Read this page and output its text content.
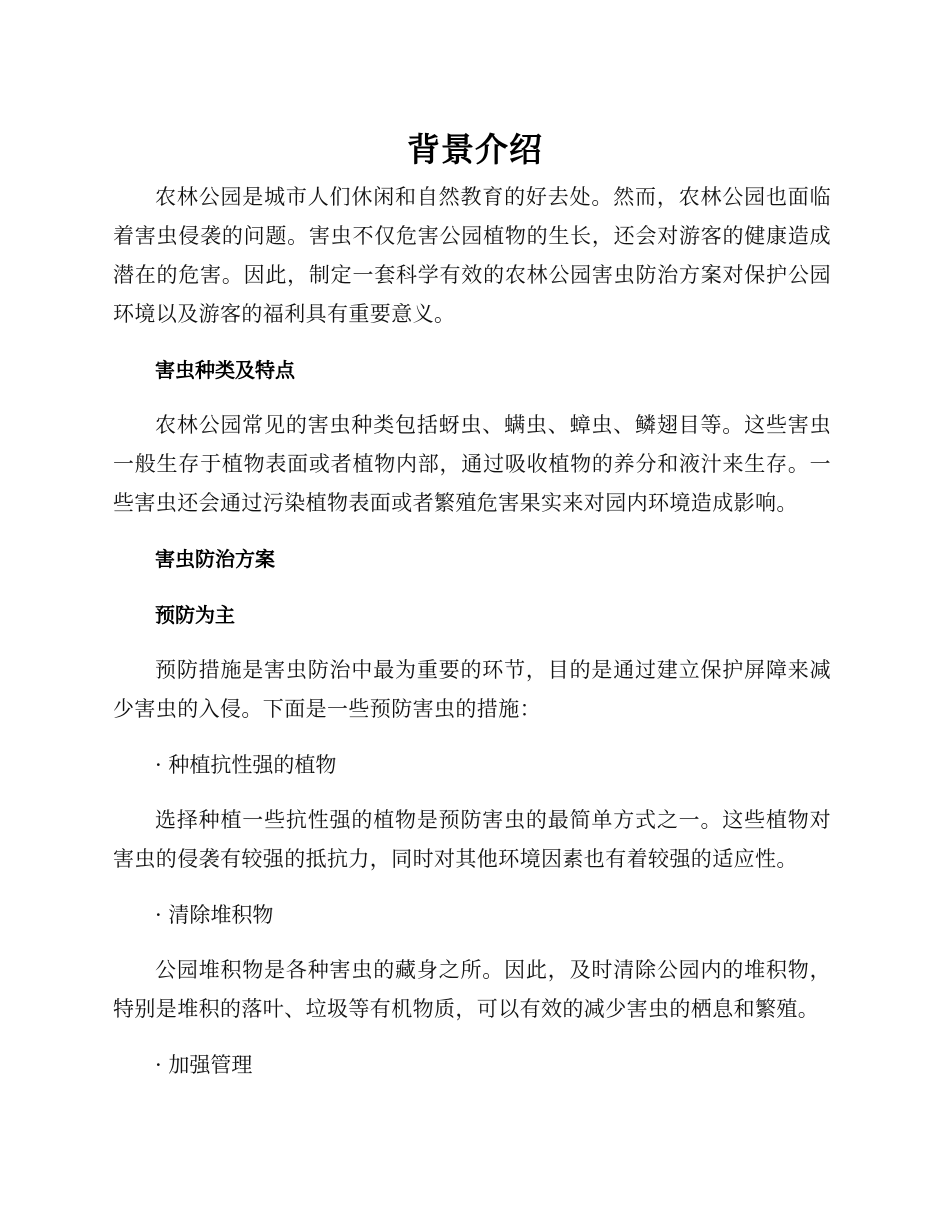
背景介绍

农林公园是城市人们休闲和自然教育的好去处。然而，农林公园也面临着害虫侵袭的问题。害虫不仅危害公园植物的生长，还会对游客的健康造成潜在的危害。因此，制定一套科学有效的农林公园害虫防治方案对保护公园环境以及游客的福利具有重要意义。

害虫种类及特点

农林公园常见的害虫种类包括蚜虫、螨虫、蟑虫、鳞翅目等。这些害虫一般生存于植物表面或者植物内部，通过吸收植物的养分和液汁来生存。一些害虫还会通过污染植物表面或者繁殖危害果实来对园内环境造成影响。

害虫防治方案

预防为主

预防措施是害虫防治中最为重要的环节，目的是通过建立保护屏障来减少害虫的入侵。下面是一些预防害虫的措施：

· 种植抗性强的植物

选择种植一些抗性强的植物是预防害虫的最简单方式之一。这些植物对害虫的侵袭有较强的抵抗力，同时对其他环境因素也有着较强的适应性。

· 清除堆积物

公园堆积物是各种害虫的藏身之所。因此，及时清除公园内的堆积物，特别是堆积的落叶、垃圾等有机物质，可以有效的减少害虫的栖息和繁殖。

· 加强管理
